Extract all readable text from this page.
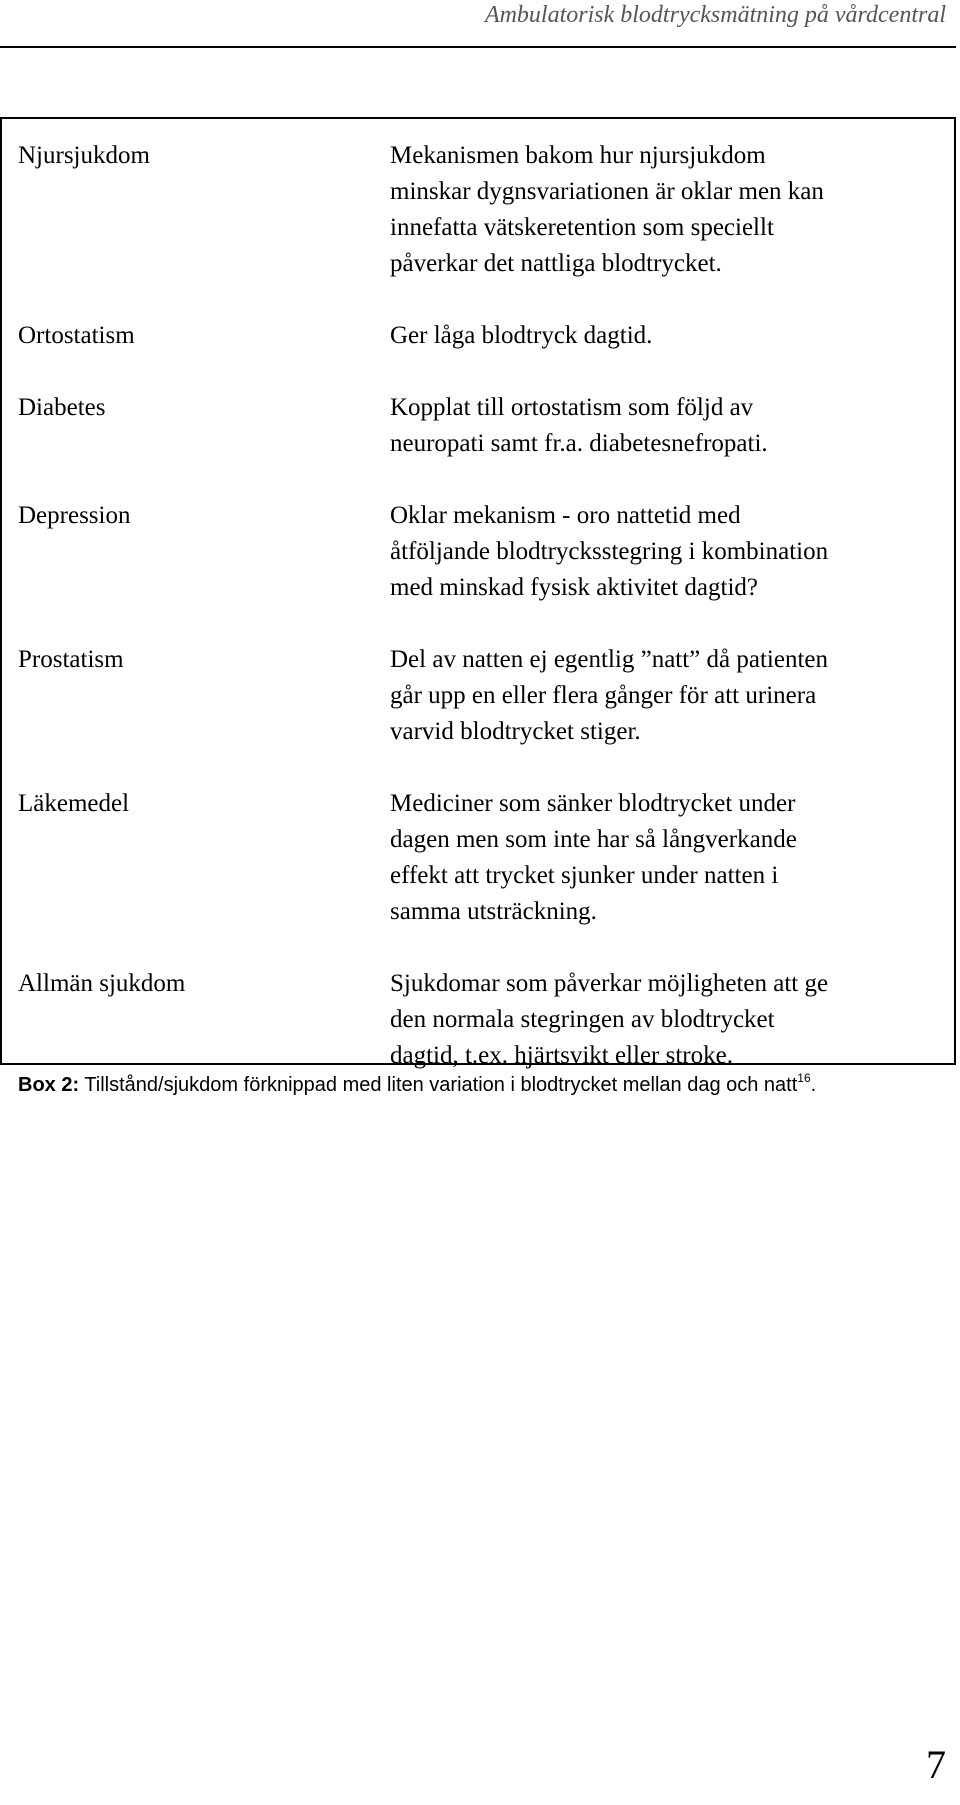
Ambulatorisk blodtrycksmätning på vårdcentral
Njursjukdom	Mekanismen bakom hur njursjukdom
minskar dygnsvariationen är oklar men kan
innefatta vätskeretention som speciellt
påverkar det nattliga blodtrycket.
Ortostatism	Ger låga blodtryck dagtid.
Diabetes	Kopplat till ortostatism som följd av
neuropati samt fr.a. diabetesnefropati.
Depression	Oklar mekanism - oro nattetid med
åtföljande blodtrycksstegring i kombination
med minskad fysisk aktivitet dagtid?
Prostatism	Del av natten ej egentlig ”natt” då patienten
går upp en eller flera gånger för att urinera
varvid blodtrycket stiger.
Läkemedel	Mediciner som sänker blodtrycket under
dagen men som inte har så långverkande
effekt att trycket sjunker under natten i
samma utsträckning.
Allmän sjukdom	Sjukdomar som påverkar möjligheten att ge
den normala stegringen av blodtrycket
dagtid, t.ex. hjärtsvikt eller stroke.
Box 2: Tillstånd/sjukdom förknippad med liten variation i blodtrycket mellan dag och natt$^{16}$.
7
